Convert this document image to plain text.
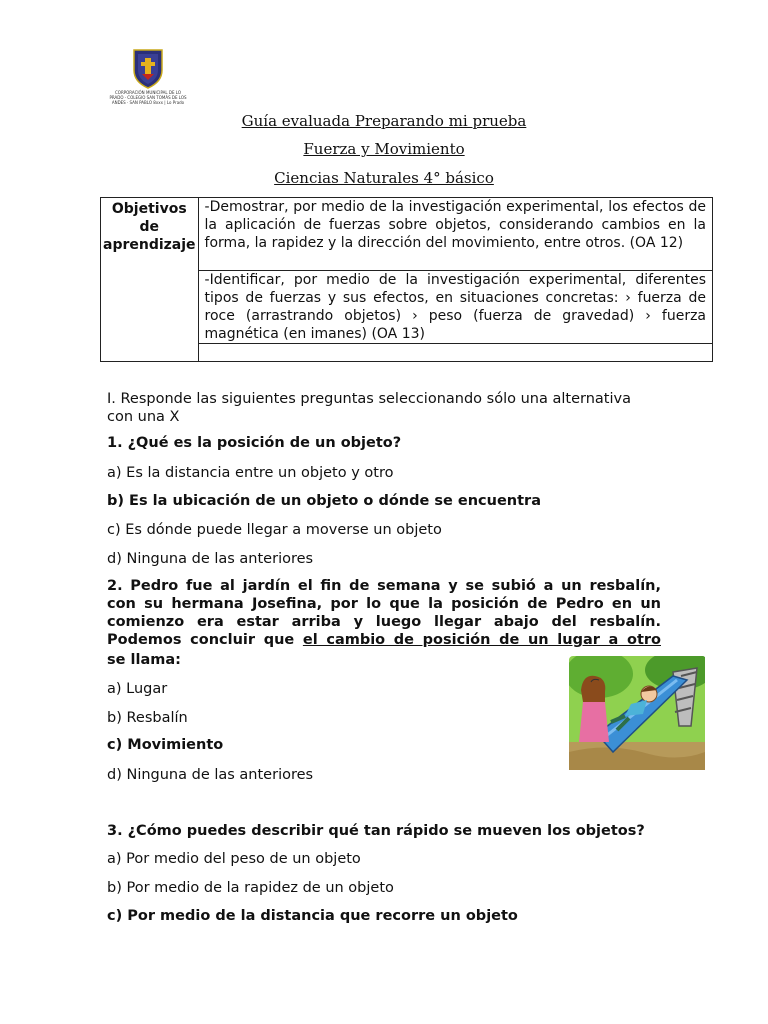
CORPORACIÓN MUNICIPAL DE LO PRADO · COLEGIO SAN TOMÁS DE LOS ANDES · SAN PABLO 8xxx | Lo Prado
Guía evaluada Preparando mi prueba
Fuerza y Movimiento
Ciencias Naturales 4° básico
Objetivos de aprendizaje	-Demostrar, por medio de la investigación experimental, los efectos de la aplicación de fuerzas sobre objetos, considerando cambios en la forma, la rapidez y la dirección del movimiento, entre otros. (OA 12)
-Identificar, por medio de la investigación experimental, diferentes tipos de fuerzas y sus efectos, en situaciones concretas: › fuerza de roce (arrastrando objetos) › peso (fuerza de gravedad) › fuerza magnética (en imanes) (OA 13)

I. Responde las siguientes preguntas seleccionando sólo una alternativa
con una X
1. ¿Qué es la posición de un objeto?
a) Es la distancia entre un objeto y otro
b) Es la ubicación de un objeto o dónde se encuentra
c) Es dónde puede llegar a moverse un objeto
d) Ninguna de las anteriores
2. Pedro fue al jardín el fin de semana y se subió a un resbalín,
con su hermana Josefina, por lo que la posición de Pedro en un
comienzo era estar arriba y luego llegar abajo del resbalín.
Podemos concluir que el cambio de posición de un lugar a otro
se llama:
a) Lugar
b) Resbalín
c) Movimiento
d) Ninguna de las anteriores
3. ¿Cómo puedes describir qué tan rápido se mueven los objetos?
a) Por medio del peso de un objeto
b) Por medio de la rapidez de un objeto
c) Por medio de la distancia que recorre un objeto
